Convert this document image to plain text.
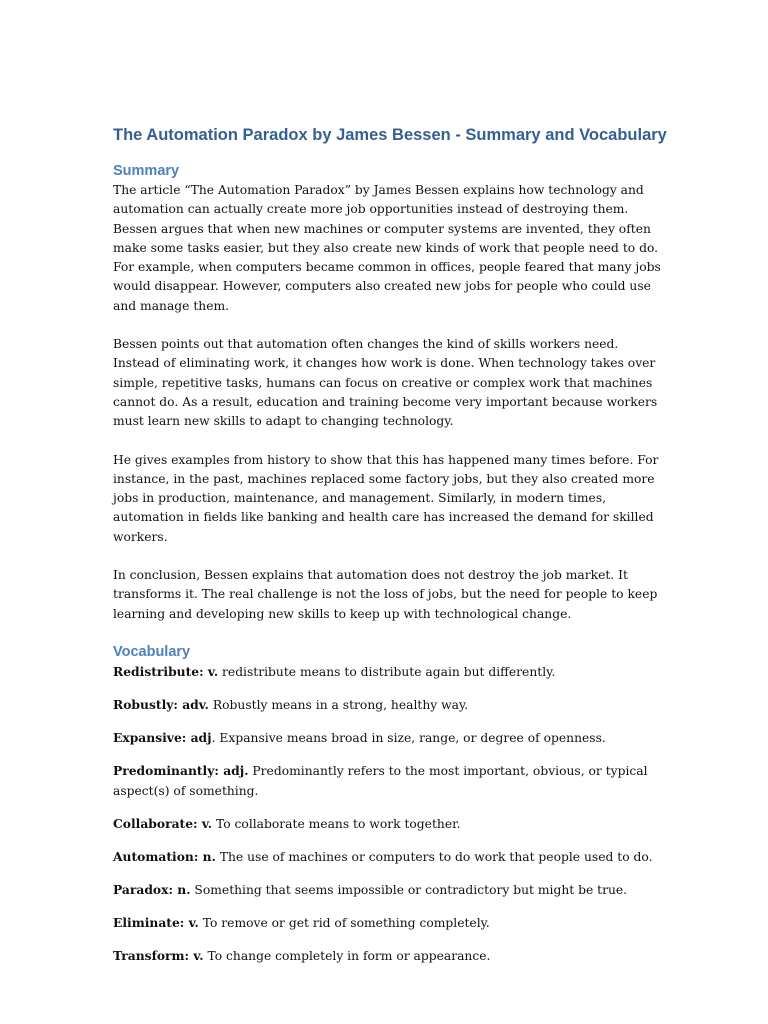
The Automation Paradox by James Bessen - Summary and Vocabulary
Summary

The article “The Automation Paradox” by James Bessen explains how technology and automation can actually create more job opportunities instead of destroying them. Bessen argues that when new machines or computer systems are invented, they often make some tasks easier, but they also create new kinds of work that people need to do. For example, when computers became common in offices, people feared that many jobs would disappear. However, computers also created new jobs for people who could use and manage them.

Bessen points out that automation often changes the kind of skills workers need. Instead of eliminating work, it changes how work is done. When technology takes over simple, repetitive tasks, humans can focus on creative or complex work that machines cannot do. As a result, education and training become very important because workers must learn new skills to adapt to changing technology.

He gives examples from history to show that this has happened many times before. For instance, in the past, machines replaced some factory jobs, but they also created more jobs in production, maintenance, and management. Similarly, in modern times, automation in fields like banking and health care has increased the demand for skilled workers.

In conclusion, Bessen explains that automation does not destroy the job market. It transforms it. The real challenge is not the loss of jobs, but the need for people to keep learning and developing new skills to keep up with technological change.

Vocabulary
Redistribute: v. redistribute means to distribute again but differently.
Robustly: adv. Robustly means in a strong, healthy way.
Expansive: adj. Expansive means broad in size, range, or degree of openness.
Predominantly: adj. Predominantly refers to the most important, obvious, or typical aspect(s) of something.
Collaborate: v. To collaborate means to work together.
Automation: n. The use of machines or computers to do work that people used to do.
Paradox: n. Something that seems impossible or contradictory but might be true.
Eliminate: v. To remove or get rid of something completely.
Transform: v. To change completely in form or appearance.
